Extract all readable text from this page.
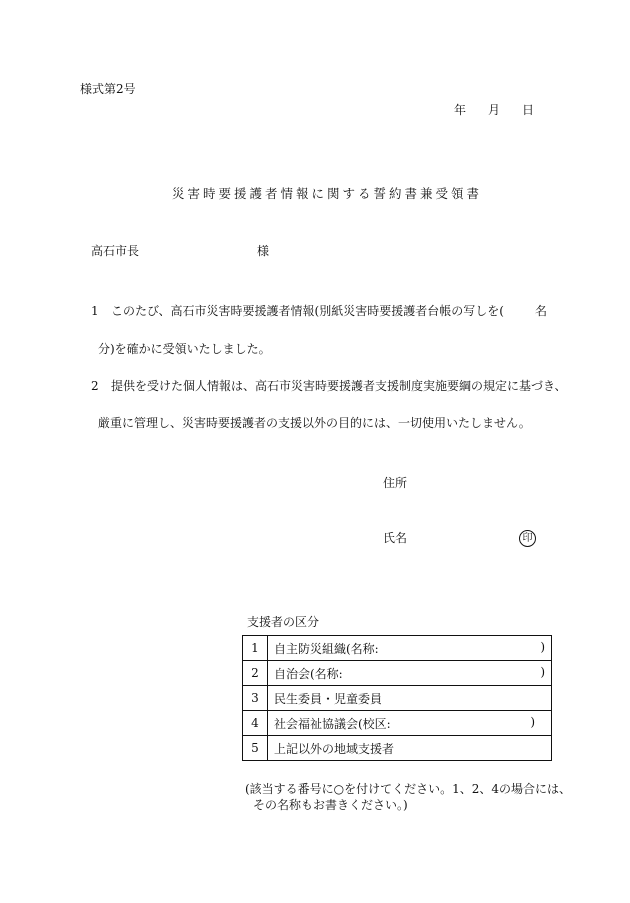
様式第2号
年 月 日
災害時要援護者情報に関する誓約書兼受領書
高石市長	様
1 このたび、高石市災害時要援護者情報(別紙災害時要援護者台帳の写しを(	名
分)を確かに受領いたしました。
2 提供を受けた個人情報は、高石市災害時要援護者支援制度実施要綱の規定に基づき、
厳重に管理し、災害時要援護者の支援以外の目的には、一切使用いたしません。
住所
氏名	印
支援者の区分
1	自主防災組織(名称: )

2	自治会(名称: )

3	民生委員・児童委員

4	社会福祉協議会(校区: )

5	上記以外の地域支援者
(該当する番号に○を付けてください。1、2、4の場合には、
その名称もお書きください。)
